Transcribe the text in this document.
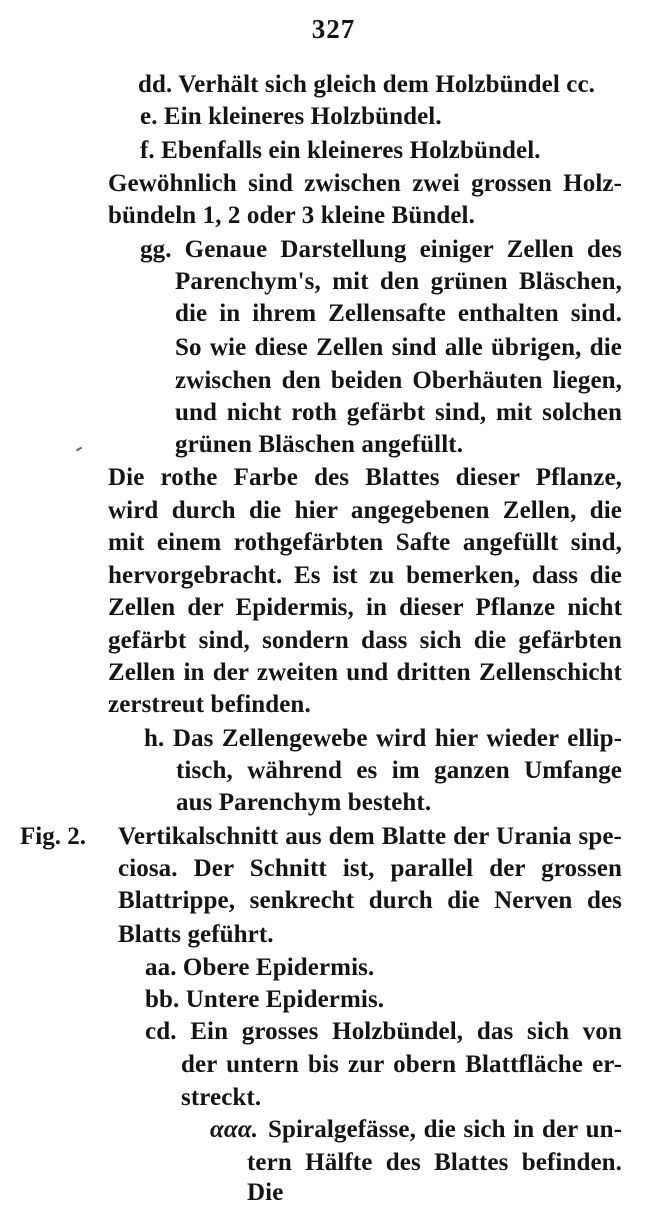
327
dd. Verhält sich gleich dem Holzbündel cc.
e. Ein kleineres Holzbündel.
f. Ebenfalls ein kleineres Holzbündel.
Gewöhnlich sind zwischen zwei grossen Holz-
bündeln 1, 2 oder 3 kleine Bündel.
gg. Genaue Darstellung einiger Zellen des
Parenchym's, mit den grünen Bläschen,
die in ihrem Zellensafte enthalten sind.
So wie diese Zellen sind alle übrigen, die
zwischen den beiden Oberhäuten liegen,
und nicht roth gefärbt sind, mit solchen
grünen Bläschen angefüllt.
Die rothe Farbe des Blattes dieser Pflanze,
wird durch die hier angegebenen Zellen, die
mit einem rothgefärbten Safte angefüllt sind,
hervorgebracht. Es ist zu bemerken, dass die
Zellen der Epidermis, in dieser Pflanze nicht
gefärbt sind, sondern dass sich die gefärbten
Zellen in der zweiten und dritten Zellenschicht
zerstreut befinden.
h. Das Zellengewebe wird hier wieder ellip-
tisch, während es im ganzen Umfange
aus Parenchym besteht.
Fig. 2. Vertikalschnitt aus dem Blatte der Urania spe-
ciosa. Der Schnitt ist, parallel der grossen
Blattrippe, senkrecht durch die Nerven des
Blatts geführt.
aa. Obere Epidermis.
bb. Untere Epidermis.
cd. Ein grosses Holzbündel, das sich von
der untern bis zur obern Blattfläche er-
streckt.
ααα. Spiralgefässe, die sich in der un-
tern Hälfte des Blattes befinden. Die
